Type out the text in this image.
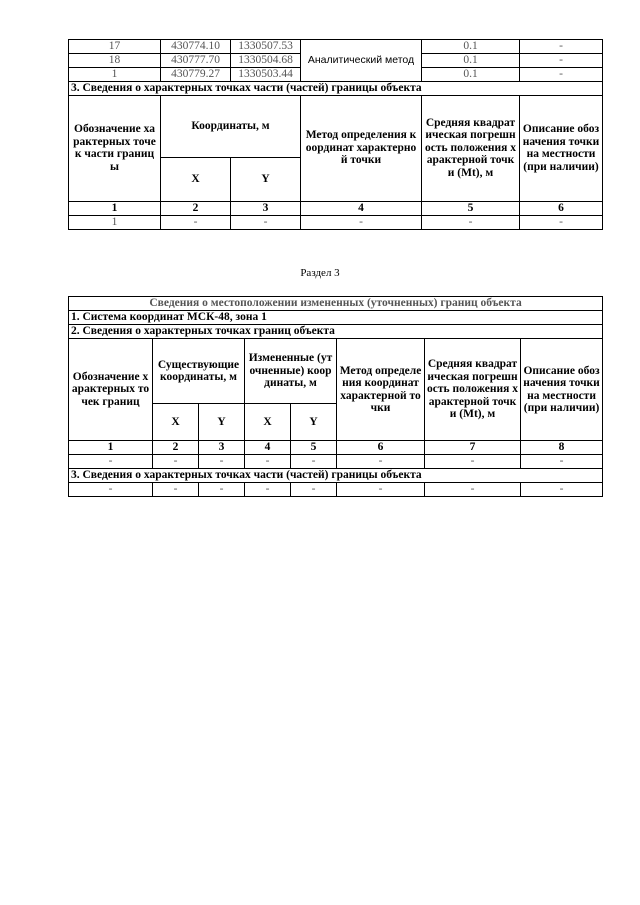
17	430774.10	1330507.53	Аналитический метод	0.1	-
18	430777.70	1330504.68		0.1	-
1	430779.27	1330503.44		0.1	-
3. Сведения о характерных точках части (частей) границы объекта					
Обозначение характерных точек части границы	Координаты, м		Метод определения координат характерной точки	Средняя квадратическая погрешность положения характерной точки (Mt), м	Описание обозначения точки на местности (при наличии)
	X	Y			
1	2	3	4	5	6
1	-	-	-	-	-
Раздел 3
Сведения о местоположении измененных (уточненных) границ объекта							
1. Система координат МСК-48, зона 1							
2. Сведения о характерных точках границ объекта							
Обозначение характерных точек границ	Существующие координаты, м		Измененные (уточненные) координаты, м		Метод определения координат характерной точки	Средняя квадратическая погрешность положения характерной точки (Mt), м	Описание обозначения точки на местности (при наличии)
	X	Y	X	Y			
1	2	3	4	5	6	7	8
-	-	-	-	-	-	-	-
3. Сведения о характерных точках части (частей) границы объекта							
-	-	-	-	-	-	-	-
